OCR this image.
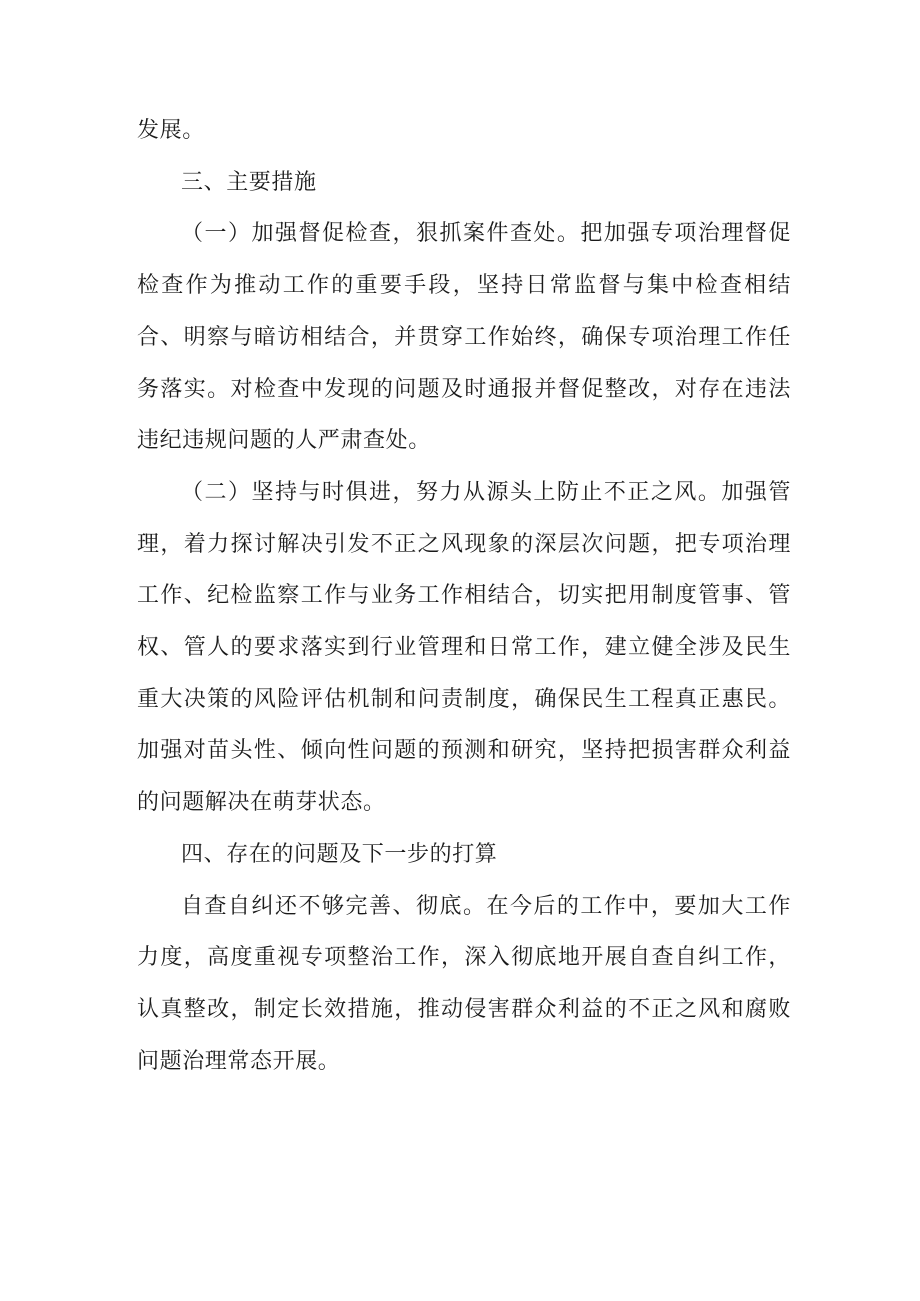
发展。

三、主要措施

（一）加强督促检查，狠抓案件查处。把加强专项治理督促检查作为推动工作的重要手段，坚持日常监督与集中检查相结合、明察与暗访相结合，并贯穿工作始终，确保专项治理工作任务落实。对检查中发现的问题及时通报并督促整改，对存在违法违纪违规问题的人严肃查处。

（二）坚持与时俱进，努力从源头上防止不正之风。加强管理，着力探讨解决引发不正之风现象的深层次问题，把专项治理工作、纪检监察工作与业务工作相结合，切实把用制度管事、管权、管人的要求落实到行业管理和日常工作，建立健全涉及民生重大决策的风险评估机制和问责制度，确保民生工程真正惠民。加强对苗头性、倾向性问题的预测和研究，坚持把损害群众利益的问题解决在萌芽状态。

四、存在的问题及下一步的打算

自查自纠还不够完善、彻底。在今后的工作中，要加大工作力度，高度重视专项整治工作，深入彻底地开展自查自纠工作，认真整改，制定长效措施，推动侵害群众利益的不正之风和腐败问题治理常态开展。
